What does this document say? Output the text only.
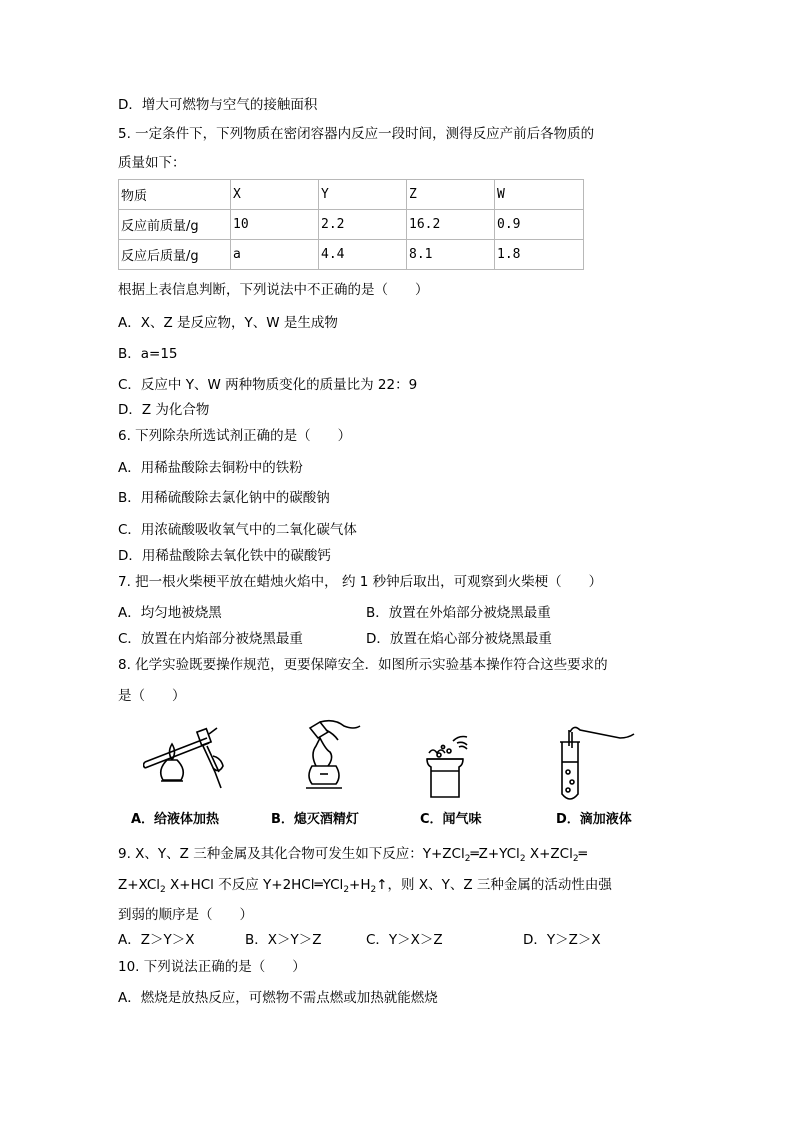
D．增大可燃物与空气的接触面积
5. 一定条件下，下列物质在密闭容器内反应一段时间，测得反应产前后各物质的
质量如下：
物质	X	Y	Z	W
反应前质量/g	10	2.2	16.2	0.9
反应后质量/g	a	4.4	8.1	1.8
根据上表信息判断，下列说法中不正确的是（　　）
A．X、Z 是反应物，Y、W 是生成物
B．a=15
C．反应中 Y、W 两种物质变化的质量比为 22：9
D．Z 为化合物
6. 下列除杂所选试剂正确的是（　　）
A．用稀盐酸除去铜粉中的铁粉
B．用稀硫酸除去氯化钠中的碳酸钠
C．用浓硫酸吸收氧气中的二氧化碳气体
D．用稀盐酸除去氧化铁中的碳酸钙
7. 把一根火柴梗平放在蜡烛火焰中， 约 1 秒钟后取出，可观察到火柴梗（　　）
A．均匀地被烧黑	B．放置在外焰部分被烧黑最重
C．放置在内焰部分被烧黑最重	D．放置在焰心部分被烧黑最重
8. 化学实验既要操作规范，更要保障安全．如图所示实验基本操作符合这些要求的
是（　　）
A．给液体加热	B．熄灭酒精灯	C．闻气味	D．滴加液体
9. X、Y、Z 三种金属及其化合物可发生如下反应：Y+ZCl$_2$═Z+YCl$_2$ X+ZCl$_2$═
Z+XCl$_2$ X+HCl 不反应 $Y+2HCl═YCl_2+H_2↑$，则 X、Y、Z 三种金属的活动性由强
到弱的顺序是（　　）
A．Z＞Y＞X	B．X＞Y＞Z	C．Y＞X＞Z	D．Y＞Z＞X
10. 下列说法正确的是（　　）
A．燃烧是放热反应，可燃物不需点燃或加热就能燃烧
